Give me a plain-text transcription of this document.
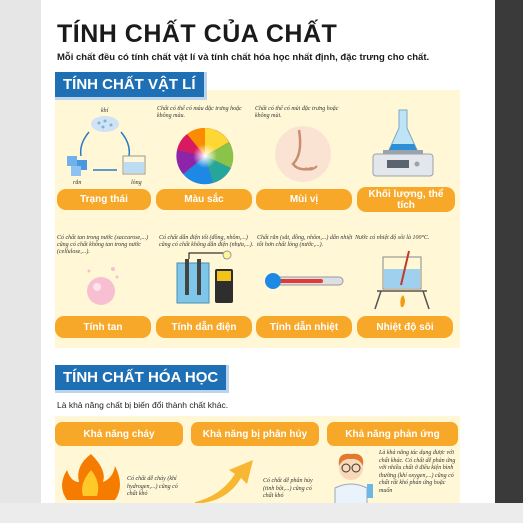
TÍNH CHẤT CỦA CHẤT
Mỗi chất đều có tính chất vật lí và tính chất hóa học nhất định, đặc trưng cho chất.
TÍNH CHẤT VẬT LÍ
khí
rắn	lỏng
Chất có thể có màu đặc trưng hoặc không màu.
Chất có thể có mùi đặc trưng hoặc không mùi.
Trạng thái	Màu sắc	Mùi vị	Khối lượng, thể tích
Có chất tan trong nước (saccarose,...) cũng có chất không tan trong nước (cellulose,...).
Có chất dẫn điện tốt (đồng, nhôm,...) cũng có chất không dẫn điện (nhựa,...).
Chất rắn (sắt, đồng, nhôm,...) dẫn nhiệt tốt hơn chất lỏng (nước,...).
Nước có nhiệt độ sôi là 100°C.
Tính tan	Tính dẫn điện	Tính dẫn nhiệt	Nhiệt độ sôi
TÍNH CHẤT HÓA HỌC
Là khả năng chất bị biến đổi thành chất khác.
Khả năng cháy	Khả năng bị phân hủy	Khả năng phản ứng
Có chất dễ cháy (khí hydrogen,...) cũng có chất khó
Có chất dễ phân hủy (tinh bột,...) cũng có chất khó
Là khả năng tác dụng được với chất khác. Có chất dễ phản ứng với nhiều chất ở điều kiện bình thường (khí oxygen,...) cũng có chất rất khó phản ứng hoặc muốn
